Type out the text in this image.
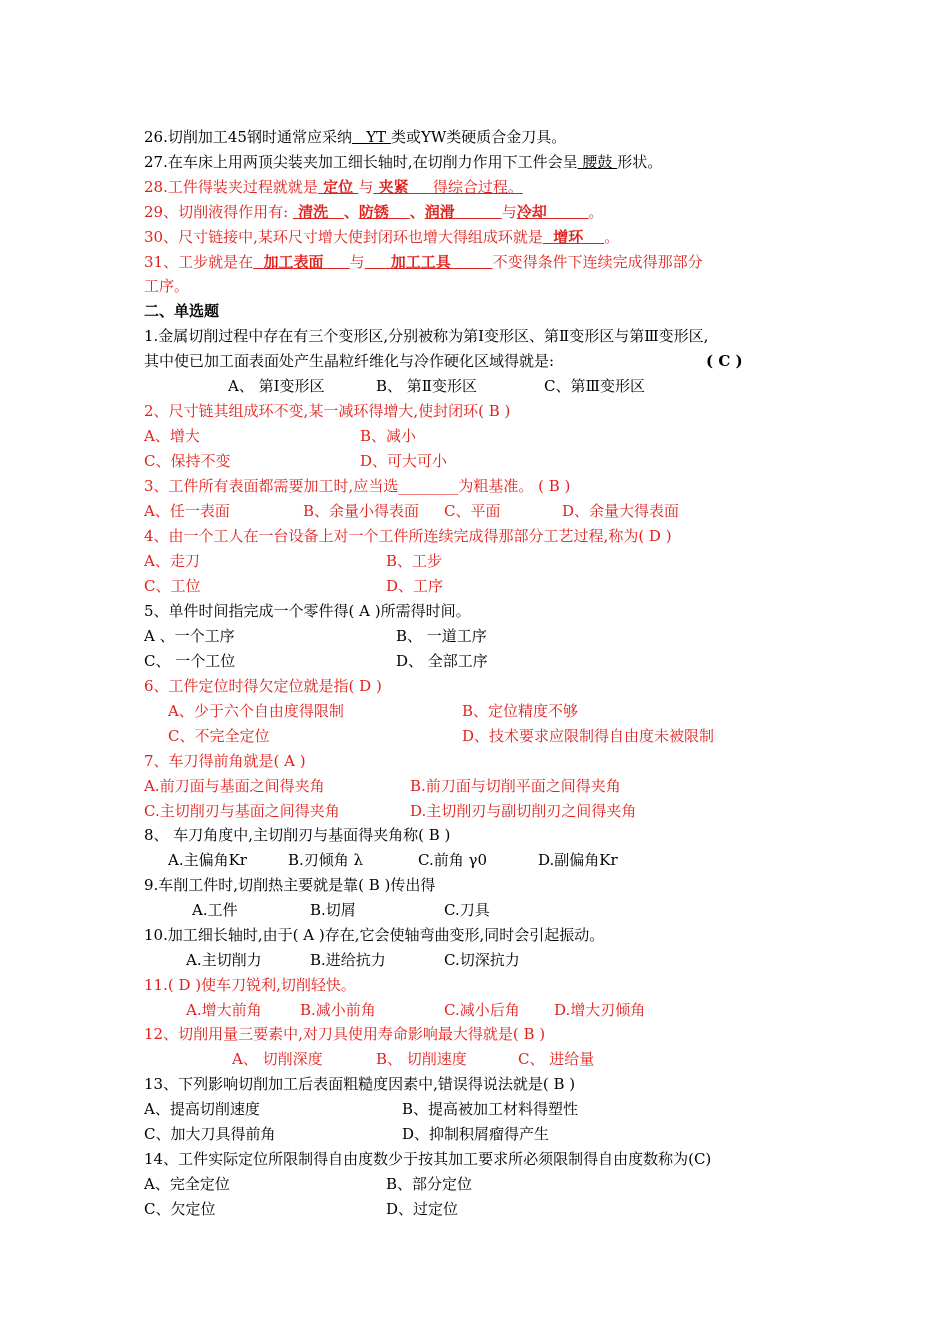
26.切削加工45钢时通常应采纳   YT 类或YW类硬质合金刀具。
27.在车床上用两顶尖装夹加工细长轴时,在切削力作用下工件会呈 腰鼓 形状。
28.工件得装夹过程就就是 定位 与 夹紧     得综合过程。
29、切削液得作用有:  清洗   、防锈    、润滑         与冷却        。
30、尺寸链接中,某环尺寸增大使封闭环也增大得组成环就是  增环    。
31、工步就是在  加工表面     与     加工工具        不变得条件下连续完成得那部分
工序。
二、单选题
1.金属切削过程中存在有三个变形区,分别被称为第Ⅰ变形区、第Ⅱ变形区与第Ⅲ变形区,
其中使已加工面表面处产生晶粒纤维化与冷作硬化区域得就是:	( C )
A、 第Ⅰ变形区	B、 第Ⅱ变形区	C、第Ⅲ变形区
2、尺寸链其组成环不变,某一减环得增大,使封闭环( B )
A、增大	B、减小
C、保持不变	D、可大可小
3、工件所有表面都需要加工时,应当选________为粗基准。 ( B )
A、任一表面	B、余量小得表面 C、平面	D、余量大得表面
4、由一个工人在一台设备上对一个工件所连续完成得那部分工艺过程,称为( D )
A、走刀	B、工步
C、工位	D、工序
5、单件时间指完成一个零件得( A )所需得时间。
A 、一个工序	B、 一道工序
C、 一个工位	D、 全部工序
6、工件定位时得欠定位就是指( D )
A、少于六个自由度得限制	B、定位精度不够
C、不完全定位	D、技术要求应限制得自由度未被限制
7、车刀得前角就是( A )
A.前刀面与基面之间得夹角	B.前刀面与切削平面之间得夹角
C.主切削刃与基面之间得夹角	D.主切削刃与副切削刃之间得夹角
8、 车刀角度中,主切削刃与基面得夹角称( B )
A.主偏角Kr	B.刃倾角 λ	C.前角 γ0	D.副偏角Kr
9.车削工件时,切削热主要就是靠( B )传出得
A.工件	B.切屑	C.刀具
10.加工细长轴时,由于( A )存在,它会使轴弯曲变形,同时会引起振动。
A.主切削力	B.进给抗力	C.切深抗力
11.( D )使车刀锐利,切削轻快。
A.增大前角	B.减小前角	C.减小后角 D.增大刃倾角
12、切削用量三要素中,对刀具使用寿命影响最大得就是( B )
A、 切削深度	B、 切削速度	C、 进给量
13、下列影响切削加工后表面粗糙度因素中,错误得说法就是( B )
A、提高切削速度	B、提高被加工材料得塑性
C、加大刀具得前角	D、抑制积屑瘤得产生
14、工件实际定位所限制得自由度数少于按其加工要求所必须限制得自由度数称为(C)
A、完全定位	B、部分定位
C、欠定位	D、过定位
